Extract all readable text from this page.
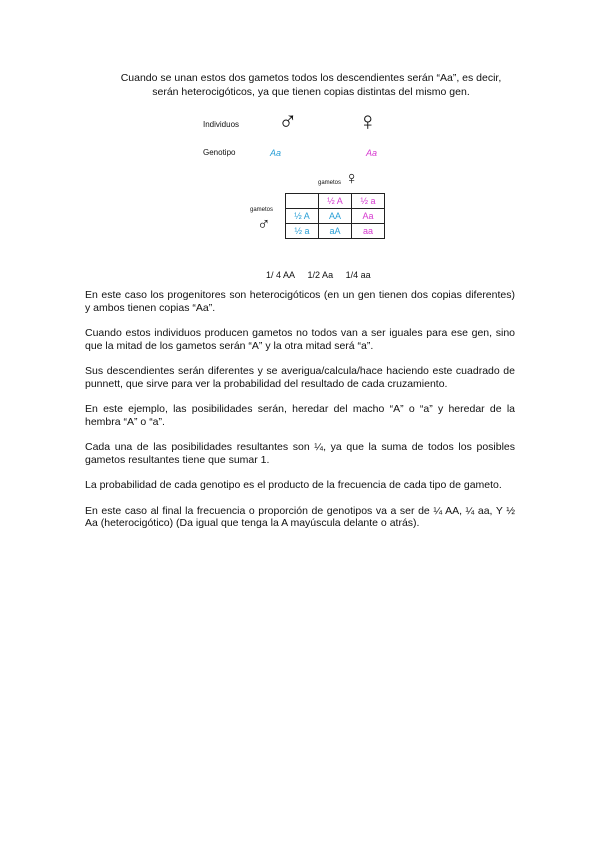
Cuando se unan estos dos gametos todos los descendientes serán “Aa”, es decir,
serán heterocigóticos, ya que tienen copias distintas del mismo gen.
Individuos ♂ ♀
Genotipo	Aa	Aa
gametos ♀
gametos
♂
	½ A	½ a
½ A	AA	Aa
½ a	aA	aa
1/ 4 AA 1/2 Aa 1/4 aa

En este caso los progenitores son heterocigóticos (en un gen tienen dos copias diferentes) y ambos tienen copias “Aa”.

Cuando estos individuos producen gametos no todos van a ser iguales para ese gen, sino que la mitad de los gametos serán “A” y la otra mitad será “a”.

Sus descendientes serán diferentes y se averigua/calcula/hace haciendo este cuadrado de punnett, que sirve para ver la probabilidad del resultado de cada cruzamiento.

En este ejemplo, las posibilidades serán, heredar del macho “A” o “a” y heredar de la hembra “A” o “a”.

Cada una de las posibilidades resultantes son ¼, ya que la suma de todos los posibles gametos resultantes tiene que sumar 1.

La probabilidad de cada genotipo es el producto de la frecuencia de cada tipo de gameto.

En este caso al final la frecuencia o proporción de genotipos va a ser de ¼ AA, ¼ aa, Y ½ Aa (heterocigótico) (Da igual que tenga la A mayúscula delante o atrás).
